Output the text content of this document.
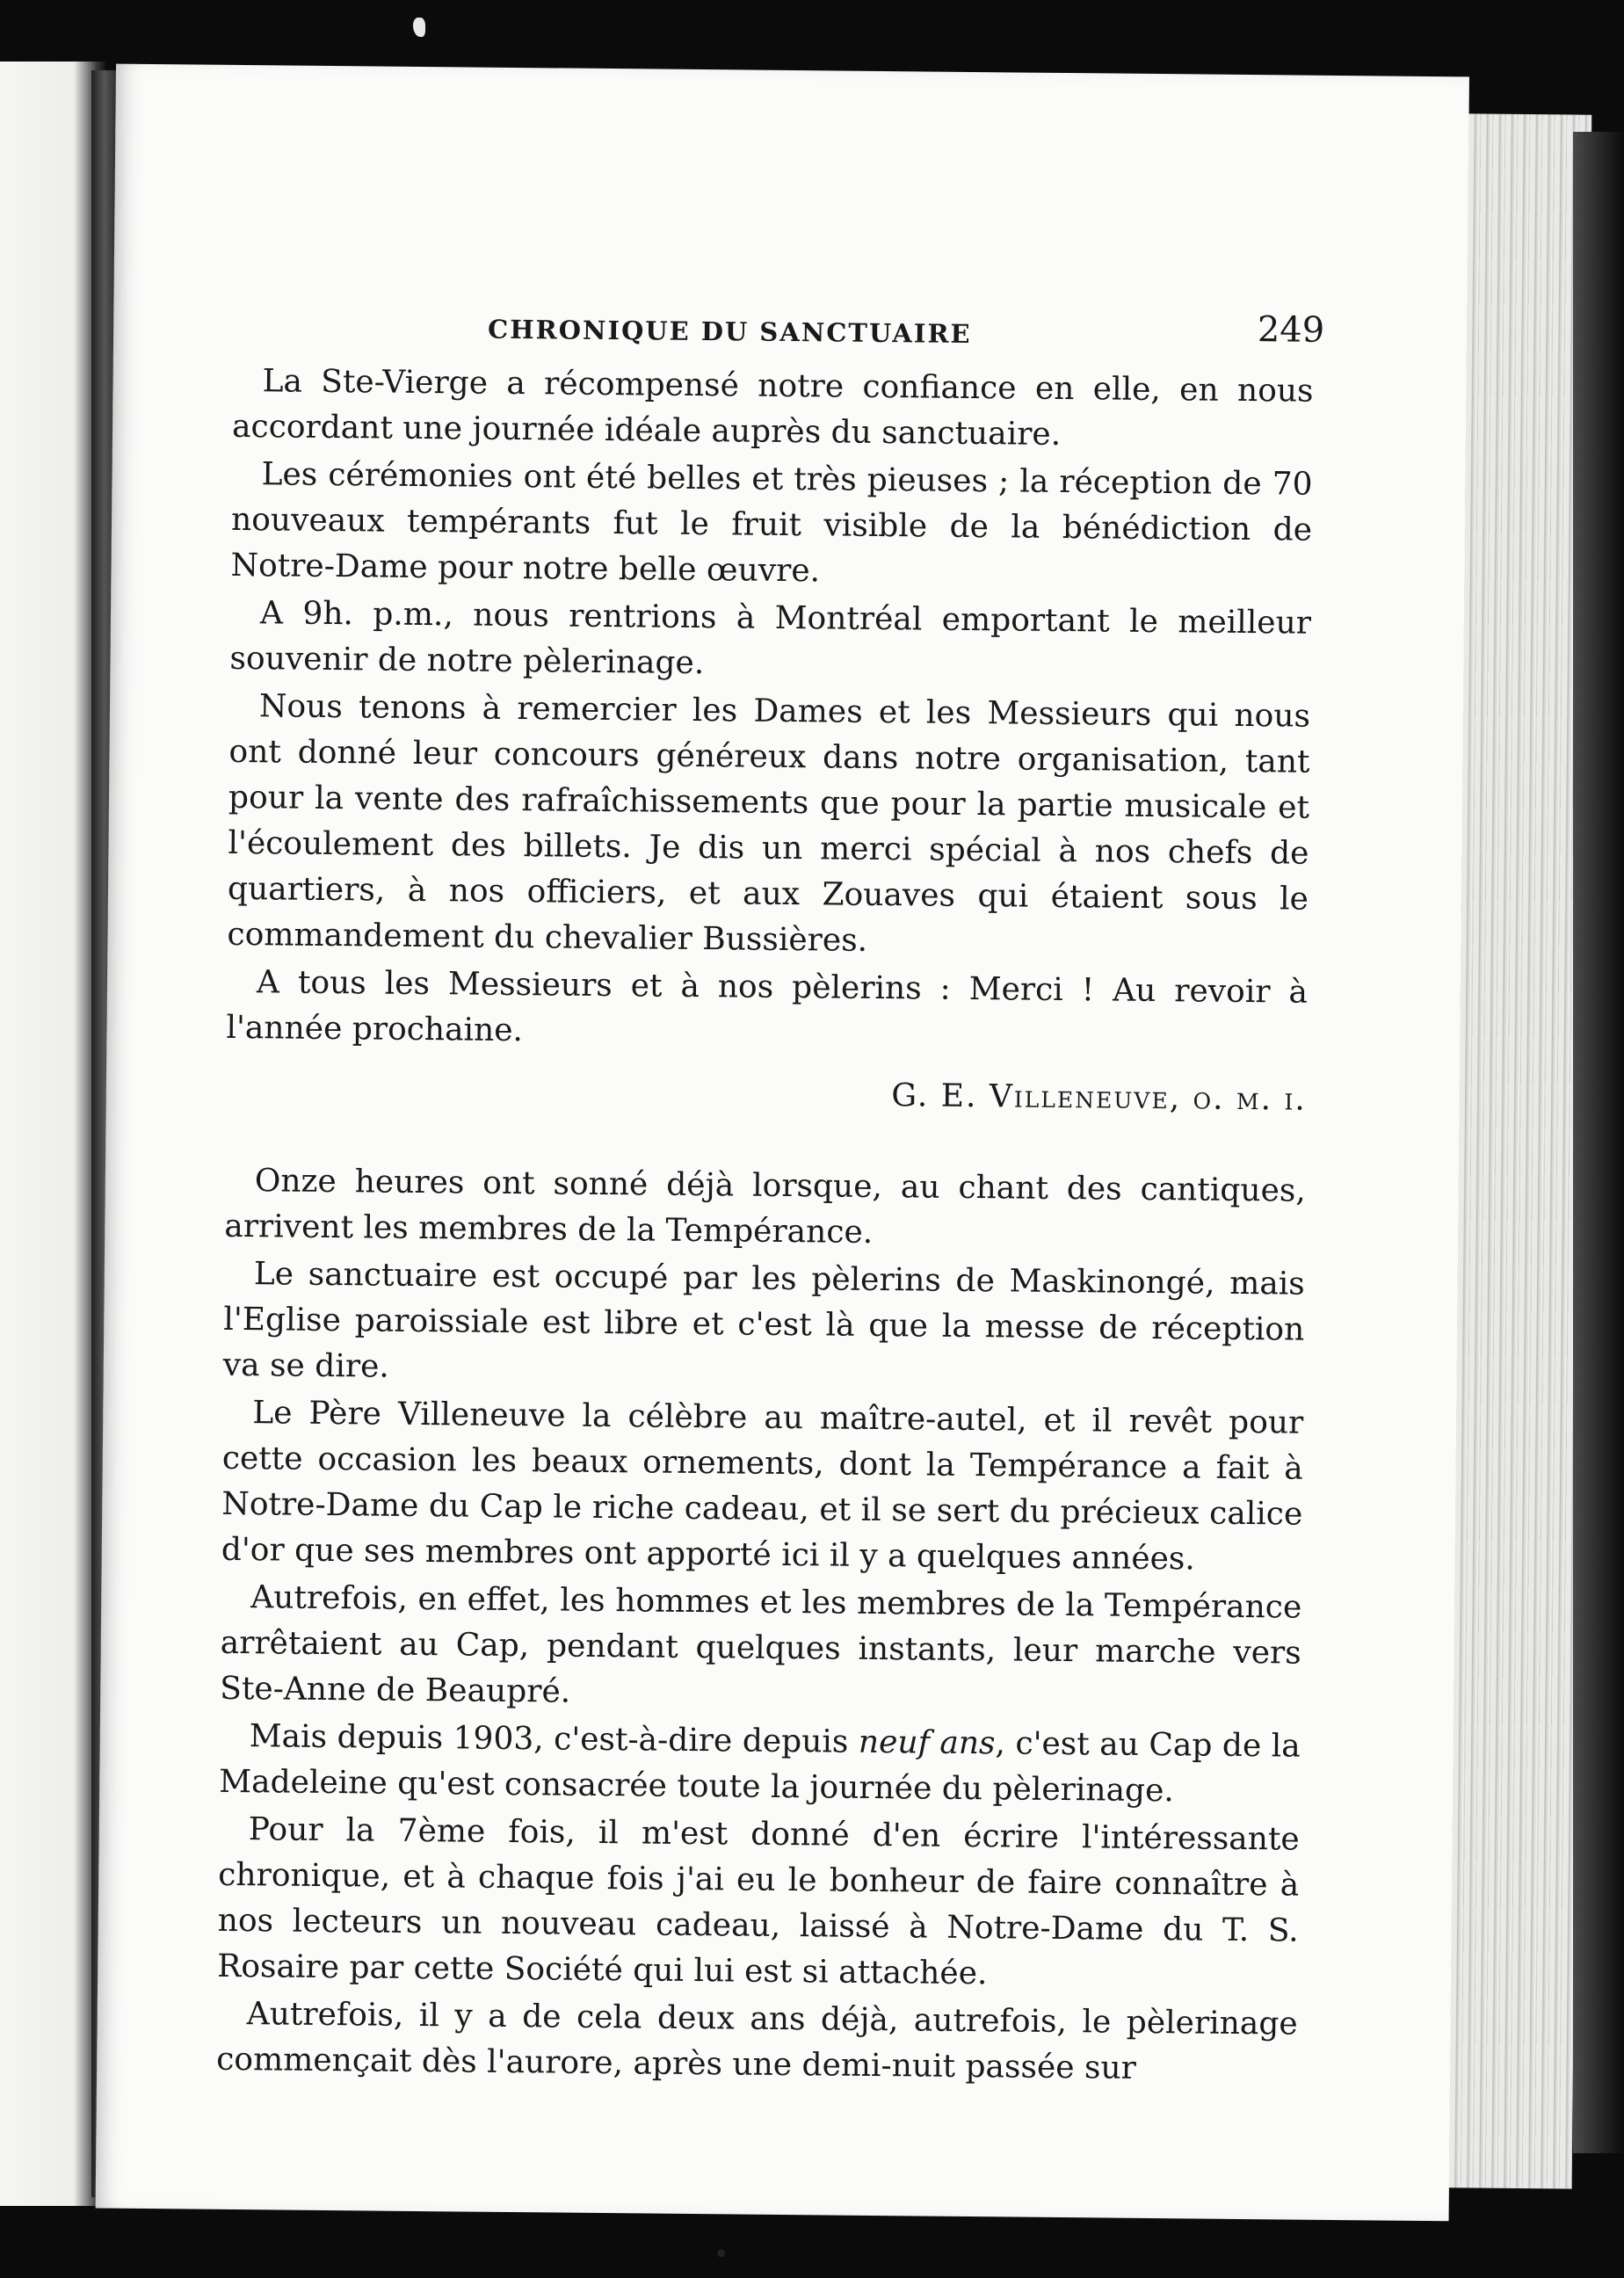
CHRONIQUE DU SANCTUAIRE	249

La Ste-Vierge a récompensé notre confiance en elle, en nous accordant une journée idéale auprès du sanctuaire.

Les cérémonies ont été belles et très pieuses ; la réception de 70 nouveaux tempérants fut le fruit visible de la bénédiction de Notre-Dame pour notre belle œuvre.

A 9h. p.m., nous rentrions à Montréal emportant le meilleur souvenir de notre pèlerinage.

Nous tenons à remercier les Dames et les Messieurs qui nous ont donné leur concours généreux dans notre organisation, tant pour la vente des rafraîchissements que pour la partie musicale et l'écoulement des billets. Je dis un merci spécial à nos chefs de quartiers, à nos officiers, et aux Zouaves qui étaient sous le commandement du chevalier Bussières.

A tous les Messieurs et à nos pèlerins : Merci ! Au revoir à l'année prochaine.

G. E. Villeneuve, o. m. i.

Onze heures ont sonné déjà lorsque, au chant des cantiques, arrivent les membres de la Tempérance.

Le sanctuaire est occupé par les pèlerins de Maskinongé, mais l'Eglise paroissiale est libre et c'est là que la messe de réception va se dire.

Le Père Villeneuve la célèbre au maître-autel, et il revêt pour cette occasion les beaux ornements, dont la Tempérance a fait à Notre-Dame du Cap le riche cadeau, et il se sert du précieux calice d'or que ses membres ont apporté ici il y a quelques années.

Autrefois, en effet, les hommes et les membres de la Tempérance arrêtaient au Cap, pendant quelques instants, leur marche vers Ste-Anne de Beaupré.

Mais depuis 1903, c'est-à-dire depuis neuf ans, c'est au Cap de la Madeleine qu'est consacrée toute la journée du pèlerinage.

Pour la 7ème fois, il m'est donné d'en écrire l'intéressante chronique, et à chaque fois j'ai eu le bonheur de faire connaître à nos lecteurs un nouveau cadeau, laissé à Notre-Dame du T. S. Rosaire par cette Société qui lui est si attachée.

Autrefois, il y a de cela deux ans déjà, autrefois, le pèlerinage commençait dès l'aurore, après une demi-nuit passée sur
